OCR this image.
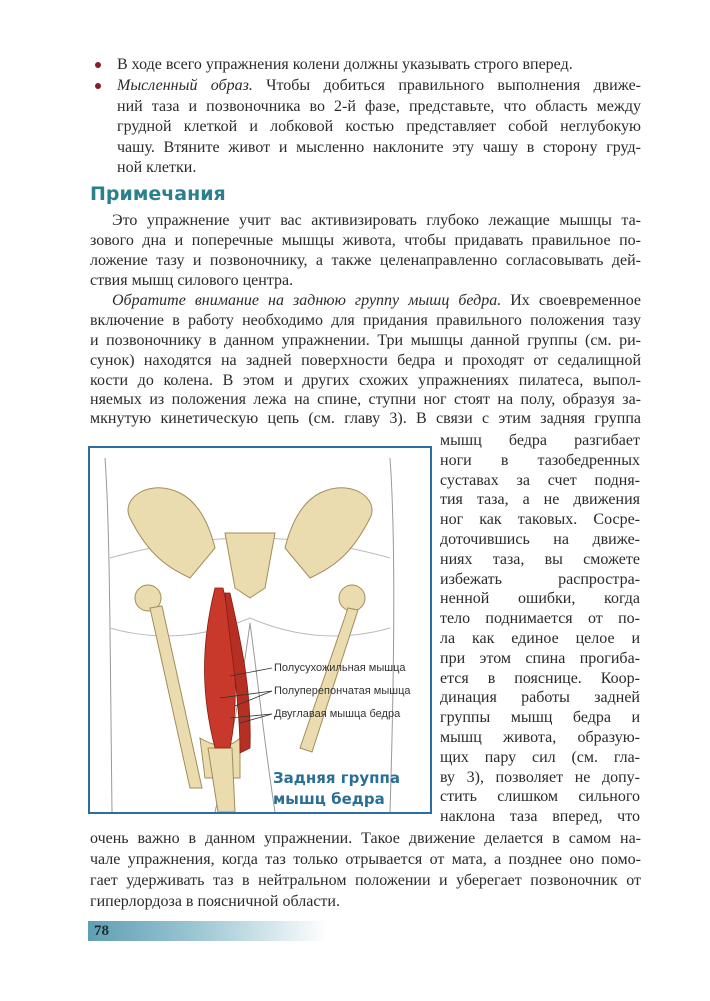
В ходе всего упражнения колени должны указывать строго вперед.
Мысленный образ. Чтобы добиться правильного выполнения движе-
ний таза и позвоночника во 2-й фазе, представьте, что область между
грудной клеткой и лобковой костью представляет собой неглубокую
чашу. Втяните живот и мысленно наклоните эту чашу в сторону груд-
ной клетки.
Примечания
Это упражнение учит вас активизировать глубоко лежащие мышцы та-
зового дна и поперечные мышцы живота, чтобы придавать правильное по-
ложение тазу и позвоночнику, а также целенаправленно согласовывать дей-
ствия мышц силового центра.
Обратите внимание на заднюю группу мышц бедра. Их своевременное
включение в работу необходимо для придания правильного положения тазу
и позвоночнику в данном упражнении. Три мышцы данной группы (см. ри-
сунок) находятся на задней поверхности бедра и проходят от седалищной
кости до колена. В этом и других схожих упражнениях пилатеса, выпол-
няемых из положения лежа на спине, ступни ног стоят на полу, образуя за-
мкнутую кинетическую цепь (см. главу 3). В связи с этим задняя группа
мышц бедра разгибает
ноги в тазобедренных
суставах за счет подня-
тия таза, а не движения
ног как таковых. Сосре-
доточившись на движе-
ниях таза, вы сможете
избежать распростра-
ненной ошибки, когда
тело поднимается от по-
ла как единое целое и
при этом спина прогиба-
ется в пояснице. Коор-
динация работы задней
группы мышц бедра и
мышц живота, образую-
щих пару сил (см. гла-
ву 3), позволяет не допу-
стить слишком сильного
наклона таза вперед, что
Полусухожильная мышца
Полуперепончатая мышца
Двуглавая мышца бедра
Задняя группа
мышц бедра
очень важно в данном упражнении. Такое движение делается в самом на-
чале упражнения, когда таз только отрывается от мата, а позднее оно помо-
гает удерживать таз в нейтральном положении и уберегает позвоночник от
гиперлордоза в поясничной области.
78
